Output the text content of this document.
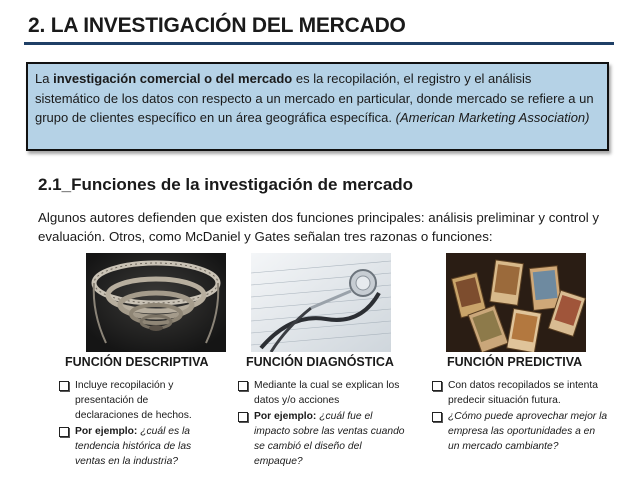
2. LA INVESTIGACIÓN DEL MERCADO
La investigación comercial o del mercado es la recopilación, el registro y el análisis sistemático de los datos con respecto a un mercado en particular, donde mercado se refiere a un grupo de clientes específico en un área geográfica específica. (American Marketing Association)
2.1_Funciones de la investigación de mercado
Algunos autores defienden que existen dos funciones principales: análisis preliminar y control y evaluación. Otros, como McDaniel y Gates señalan tres razonas o funciones:
FUNCIÓN DESCRIPTIVA	FUNCIÓN DIAGNÓSTICA	FUNCIÓN PREDICTIVA
Incluye recopilación y presentación de declaraciones de hechos.
Por ejemplo: ¿cuál es la tendencia histórica de las ventas en la industria?
Mediante la cual se explican los datos y/o acciones
Por ejemplo: ¿cuál fue el impacto sobre las ventas cuando se cambió el diseño del empaque?
Con datos recopilados se intenta predecir situación futura.
¿Cómo puede aprovechar mejor la empresa las oportunidades a en un mercado cambiante?
